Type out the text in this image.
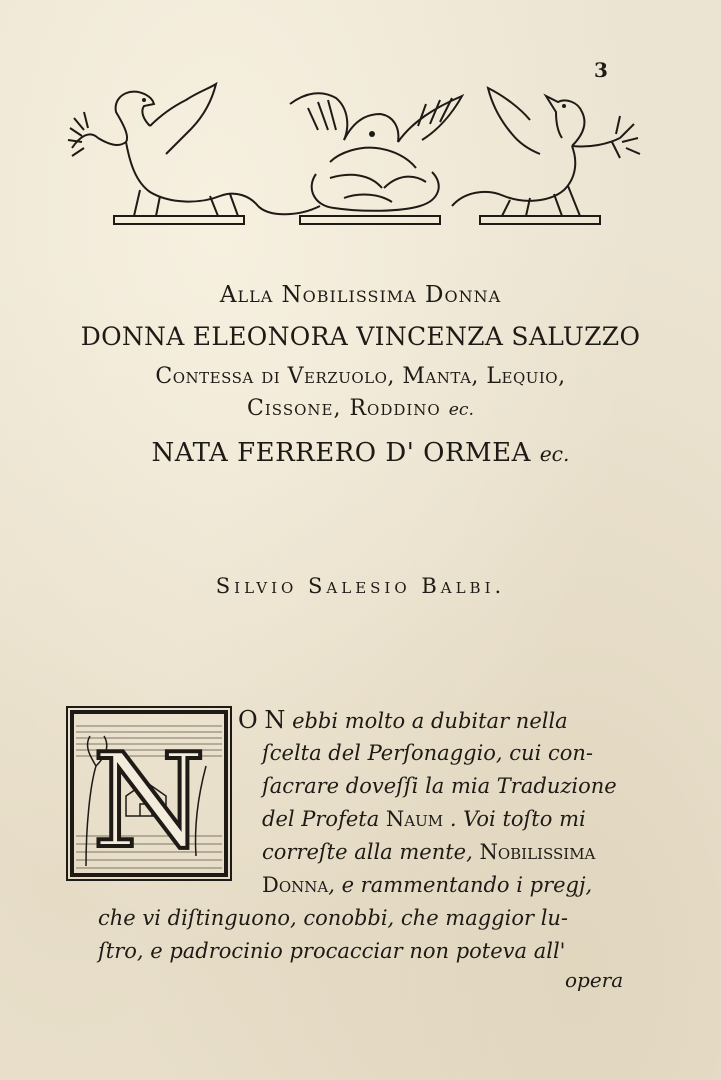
3
Alla Nobilissima Donna
DONNA ELEONORA VINCENZA SALUZZO
Contessa di Verzuolo, Manta, Lequio,
Cissone, Roddino ec.
NATA FERRERO D' ORMEA ec.
Silvio Salesio Balbi.
N
O N ebbi molto a dubitar nella
ſcelta del Perſonaggio, cui con-
ſacrare doveſſi la mia Traduzione
del Profeta Naum . Voi toſto mi
correſte alla mente, Nobilissima
Donna, e rammentando i pregj,
che vi diſtinguono, conobbi, che maggior lu-
ſtro, e padrocinio procacciar non poteva all'
opera
